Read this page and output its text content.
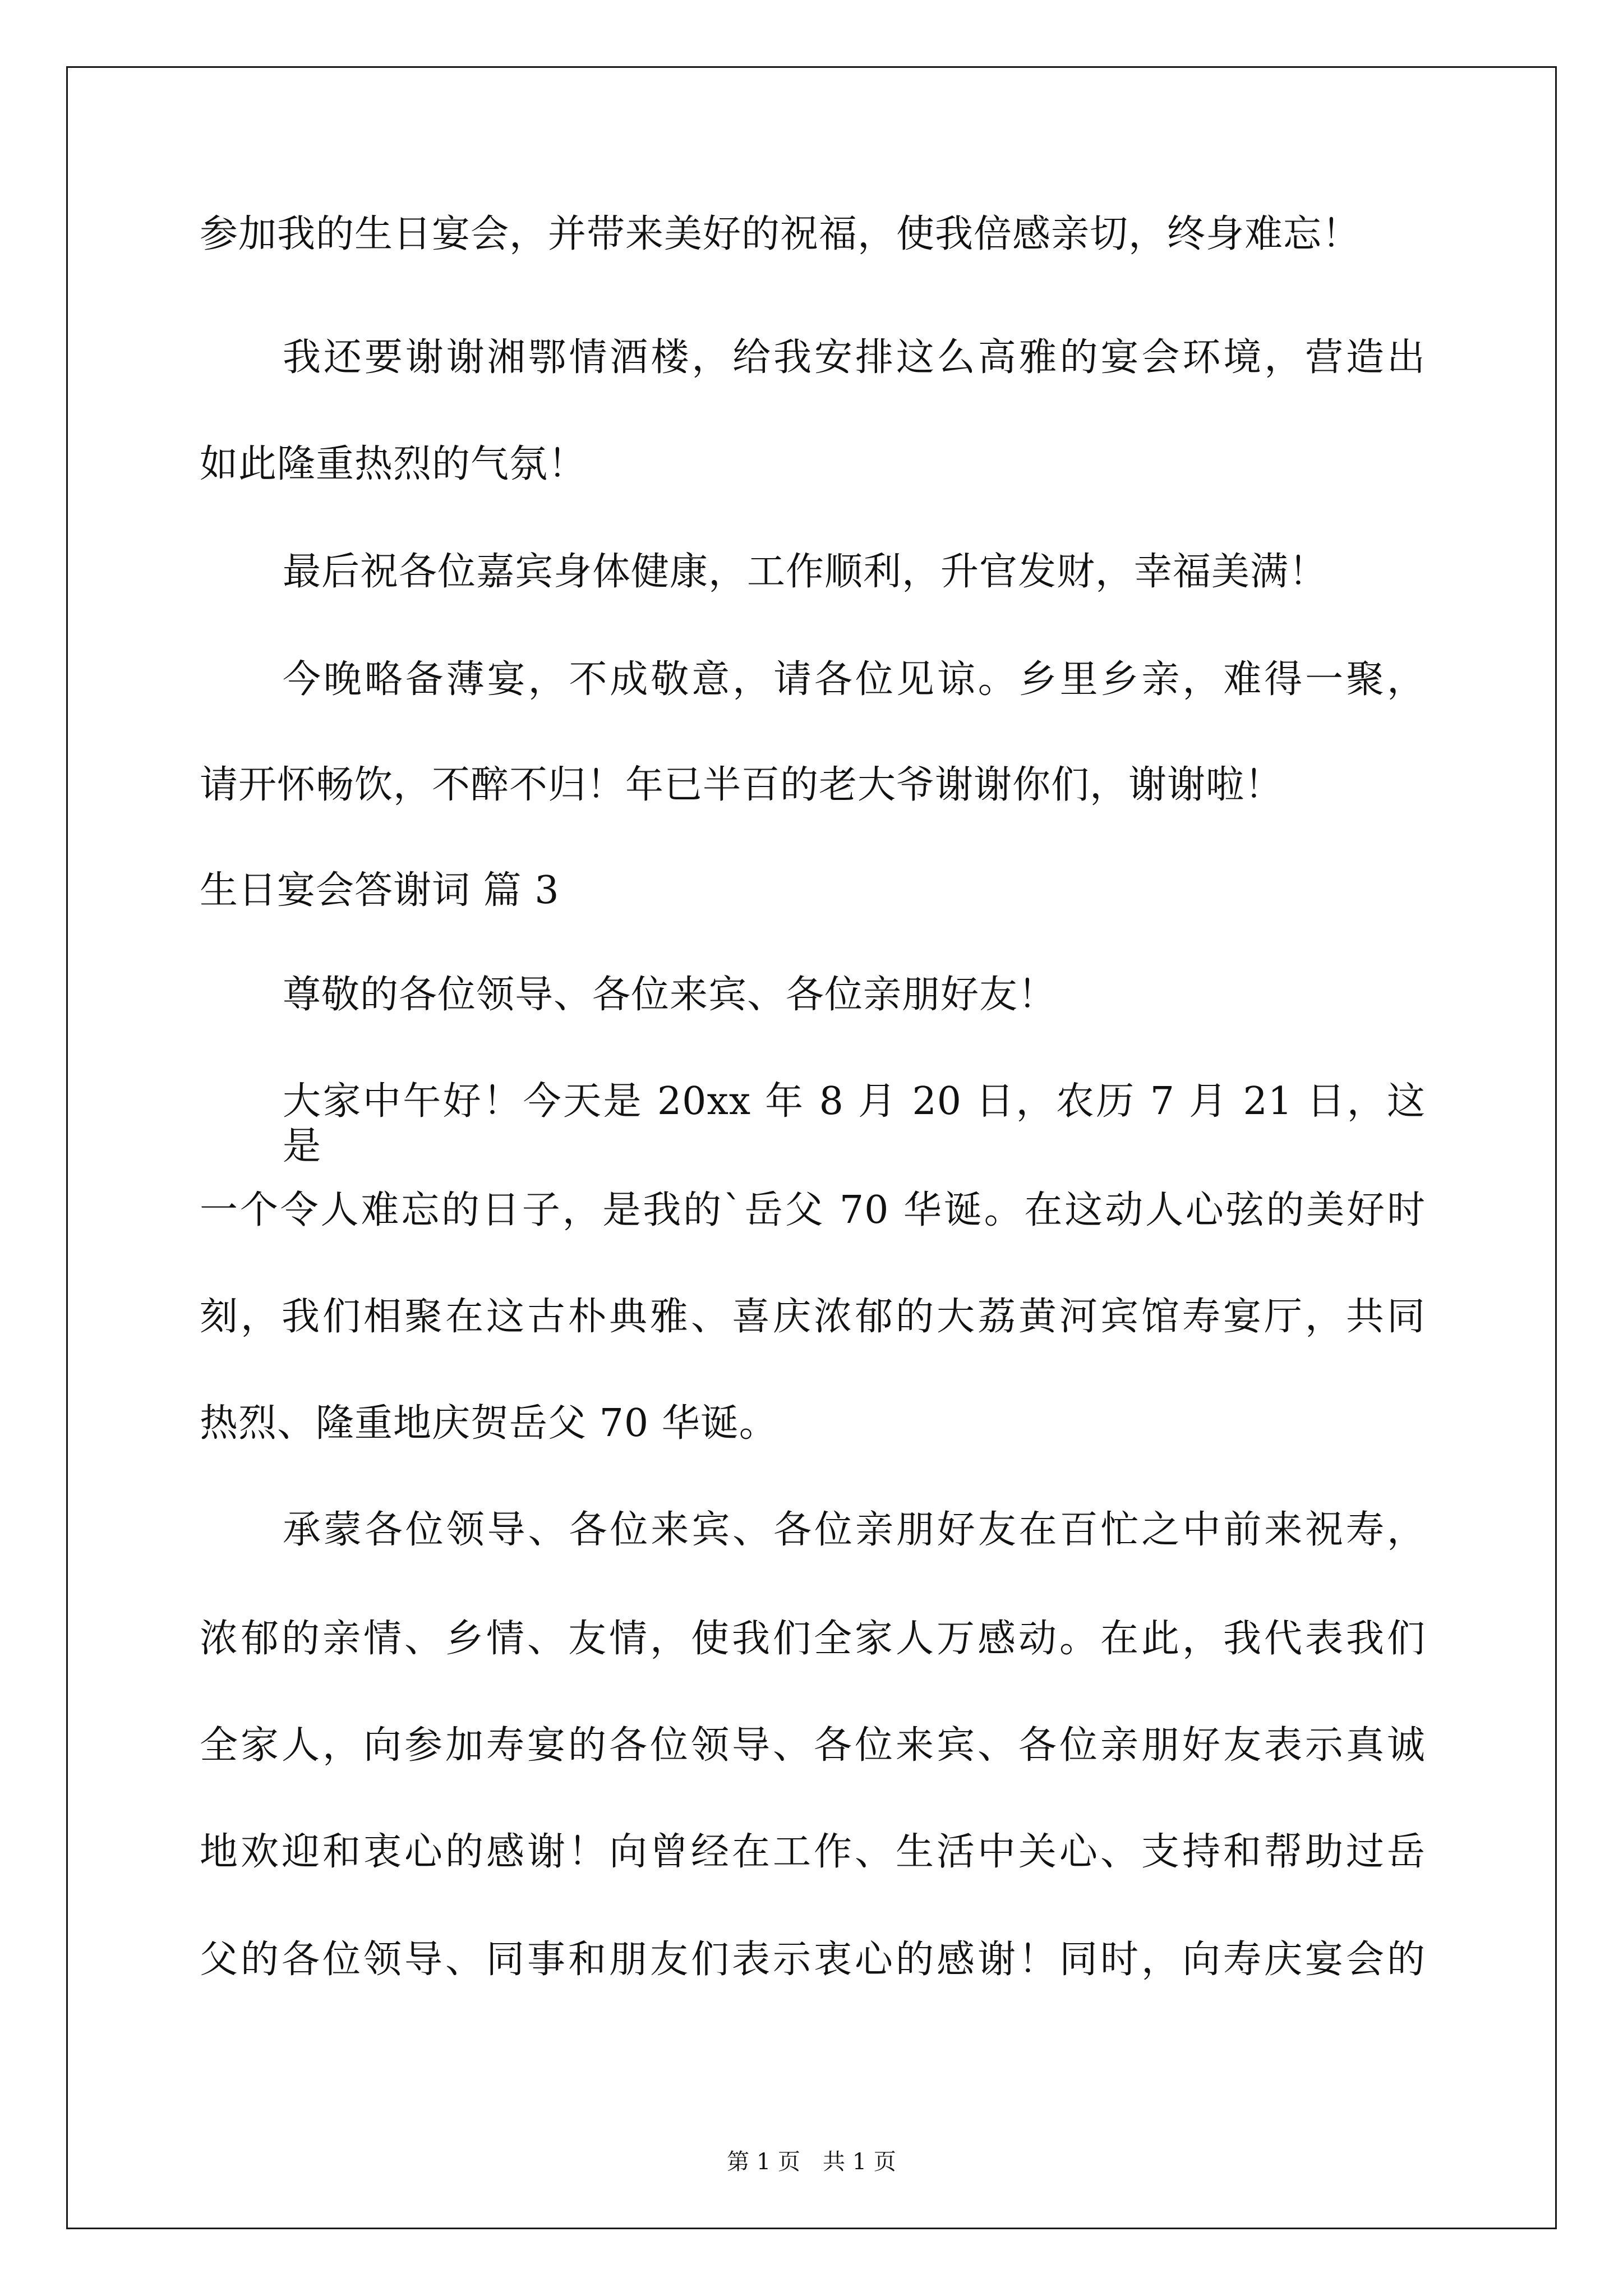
参加我的生日宴会，并带来美好的祝福，使我倍感亲切，终身难忘！
我还要谢谢湘鄂情酒楼，给我安排这么高雅的宴会环境，营造出
如此隆重热烈的气氛！
最后祝各位嘉宾身体健康，工作顺利，升官发财，幸福美满！
今晚略备薄宴，不成敬意，请各位见谅。乡里乡亲，难得一聚，
请开怀畅饮，不醉不归！年已半百的老大爷谢谢你们，谢谢啦！
生日宴会答谢词 篇 3
尊敬的各位领导、各位来宾、各位亲朋好友！
大家中午好！今天是 20xx 年 8 月 20 日，农历 7 月 21 日，这是
一个令人难忘的日子，是我的`岳父 70 华诞。在这动人心弦的美好时
刻，我们相聚在这古朴典雅、喜庆浓郁的大荔黄河宾馆寿宴厅，共同
热烈、隆重地庆贺岳父 70 华诞。
承蒙各位领导、各位来宾、各位亲朋好友在百忙之中前来祝寿，
浓郁的亲情、乡情、友情，使我们全家人万感动。在此，我代表我们
全家人，向参加寿宴的各位领导、各位来宾、各位亲朋好友表示真诚
地欢迎和衷心的感谢！向曾经在工作、生活中关心、支持和帮助过岳
父的各位领导、同事和朋友们表示衷心的感谢！同时，向寿庆宴会的
第 1 页　共 1 页
